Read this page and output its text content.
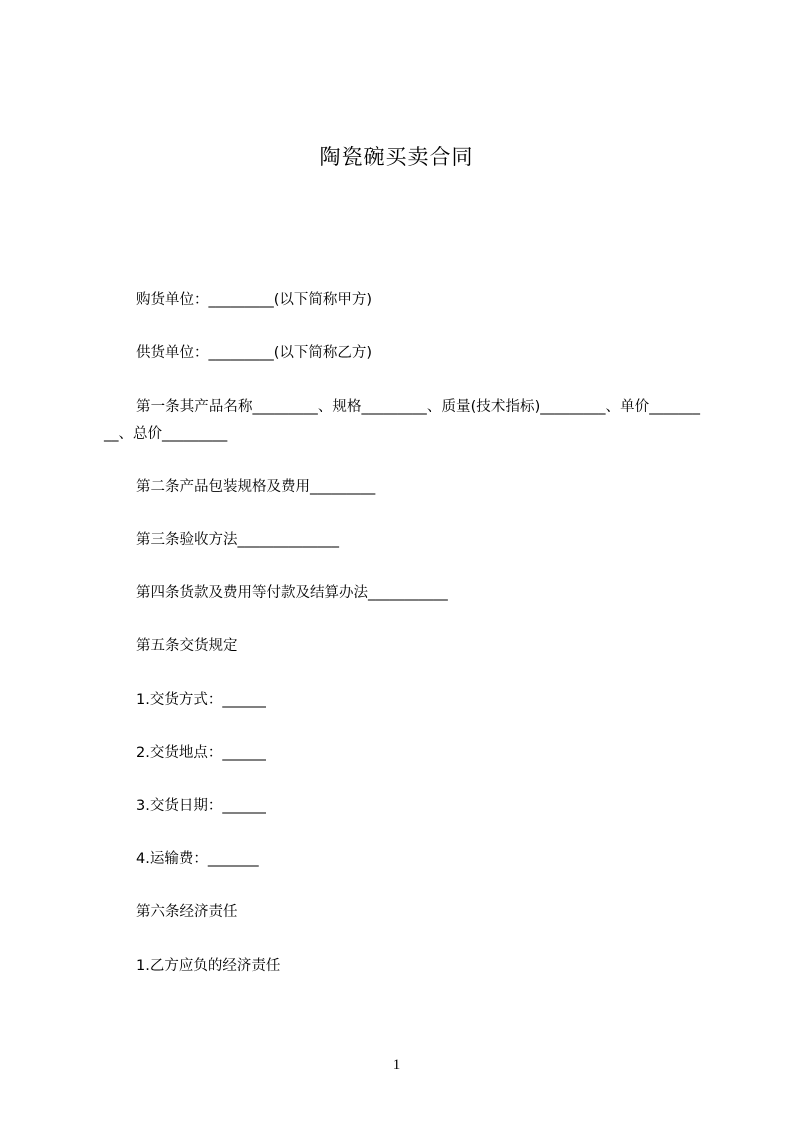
陶瓷碗买卖合同
购货单位：_________(以下简称甲方)
供货单位：_________(以下简称乙方)
第一条其产品名称_________、规格_________、质量(技术指标)_________、单价_________、总价_________
第二条产品包装规格及费用_________
第三条验收方法______________
第四条货款及费用等付款及结算办法___________
第五条交货规定
1.交货方式：______
2.交货地点：______
3.交货日期：______
4.运输费：_______
第六条经济责任
1.乙方应负的经济责任
1
